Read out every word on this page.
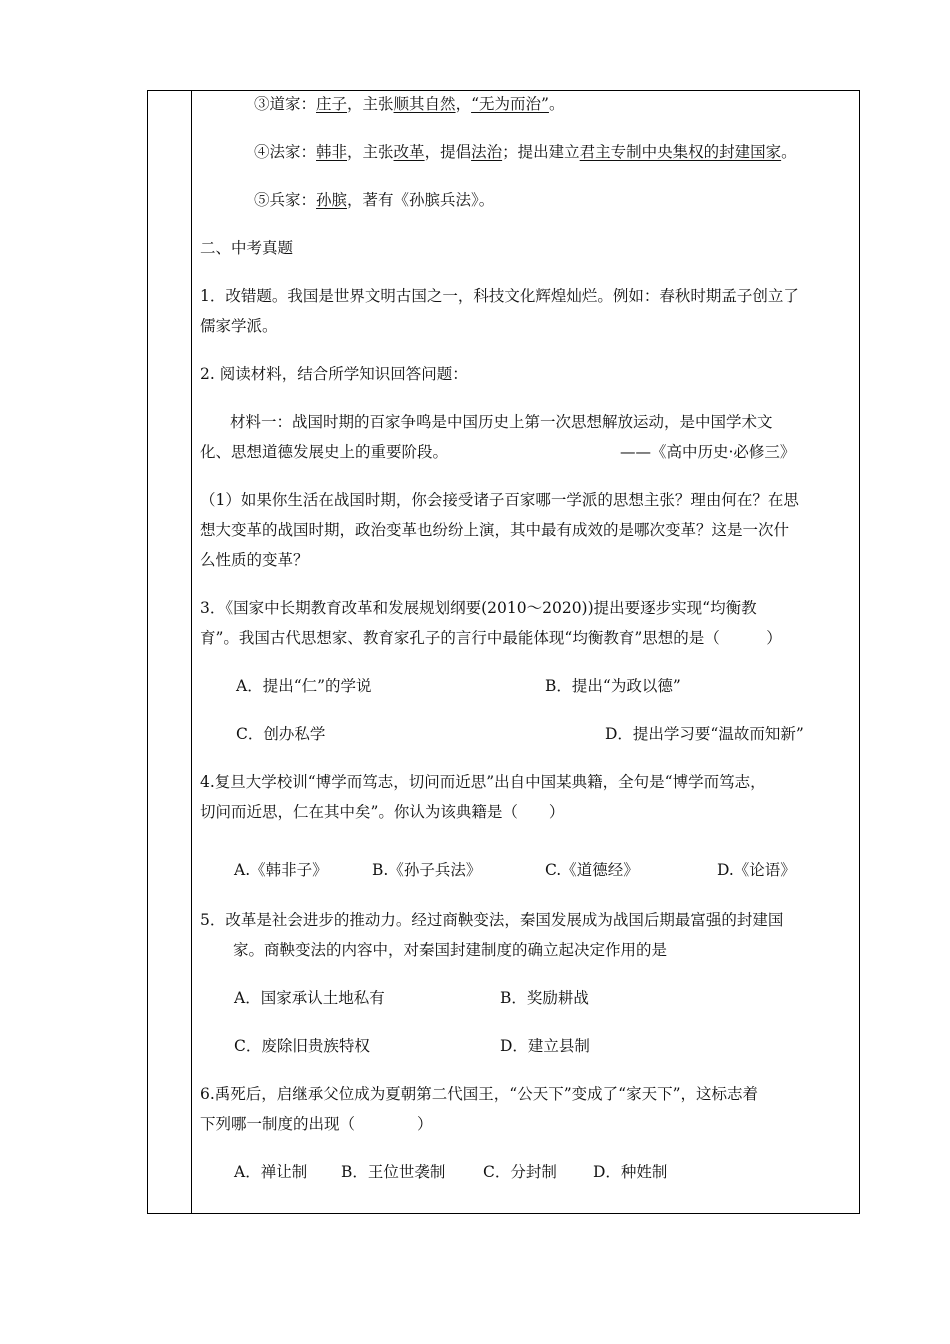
③道家：庄子，主张顺其自然，“无为而治”。
④法家：韩非，主张改革，提倡法治；提出建立君主专制中央集权的封建国家。
⑤兵家：孙膑，著有《孙膑兵法》。
二、中考真题
1．改错题。我国是世界文明古国之一，科技文化辉煌灿烂。例如：春秋时期孟子创立了
儒家学派。
2. 阅读材料，结合所学知识回答问题：
材料一：战国时期的百家争鸣是中国历史上第一次思想解放运动，是中国学术文
化、思想道德发展史上的重要阶段。	——《高中历史·必修三》
（1）如果你生活在战国时期，你会接受诸子百家哪一学派的思想主张？理由何在？在思
想大变革的战国时期，政治变革也纷纷上演，其中最有成效的是哪次变革？这是一次什
么性质的变革？
3．《国家中长期教育改革和发展规划纲要(2010～2020))提出要逐步实现“均衡教
育”。我国古代思想家、教育家孔子的言行中最能体现“均衡教育”思想的是（　　　）
A．提出“仁”的学说	B．提出“为政以德”
C．创办私学	D．提出学习要“温故而知新”
4.复旦大学校训“博学而笃志，切问而近思”出自中国某典籍，全句是“博学而笃志，
切问而近思，仁在其中矣”。你认为该典籍是（　　）
A.《韩非子》	B.《孙子兵法》	C.《道德经》	D.《论语》
5．改革是社会进步的推动力。经过商鞅变法，秦国发展成为战国后期最富强的封建国
家。商鞅变法的内容中，对秦国封建制度的确立起决定作用的是
A．国家承认土地私有	B．奖励耕战
C．废除旧贵族特权	D．建立县制
6.禹死后，启继承父位成为夏朝第二代国王，“公天下”变成了“家天下”，这标志着
下列哪一制度的出现（　　　　）
A．禅让制 B．王位世袭制 C．分封制 D．种姓制
